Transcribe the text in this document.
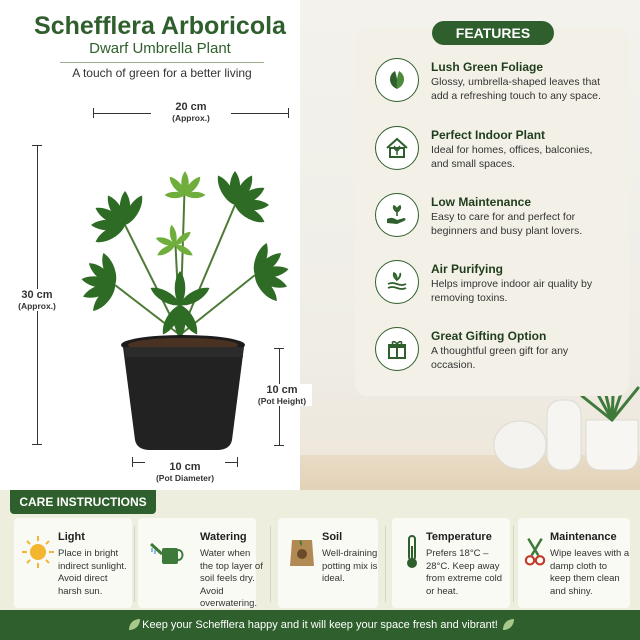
Schefflera Arboricola
Dwarf Umbrella Plant
A touch of green for a better living
20 cm
(Approx.)
30 cm
(Approx.)
10 cm
(Pot Height)
10 cm
(Pot Diameter)
FEATURES
Lush Green Foliage
Glossy, umbrella-shaped leaves that add a refreshing touch to any space.
Perfect Indoor Plant
Ideal for homes, offices, balconies, and small spaces.
Low Maintenance
Easy to care for and perfect for beginners and busy plant lovers.
Air Purifying
Helps improve indoor air quality by removing toxins.
Great Gifting Option
A thoughtful green gift for any occasion.
CARE INSTRUCTIONS
Light
Place in bright indirect sunlight. Avoid direct harsh sun.
Watering
Water when the top layer of soil feels dry. Avoid overwatering.
Soil
Well-draining potting mix is ideal.
Temperature
Prefers 18°C – 28°C. Keep away from extreme cold or heat.
Maintenance
Wipe leaves with a damp cloth to keep them clean and shiny.
Keep your Schefflera happy and it will keep your space fresh and vibrant!
